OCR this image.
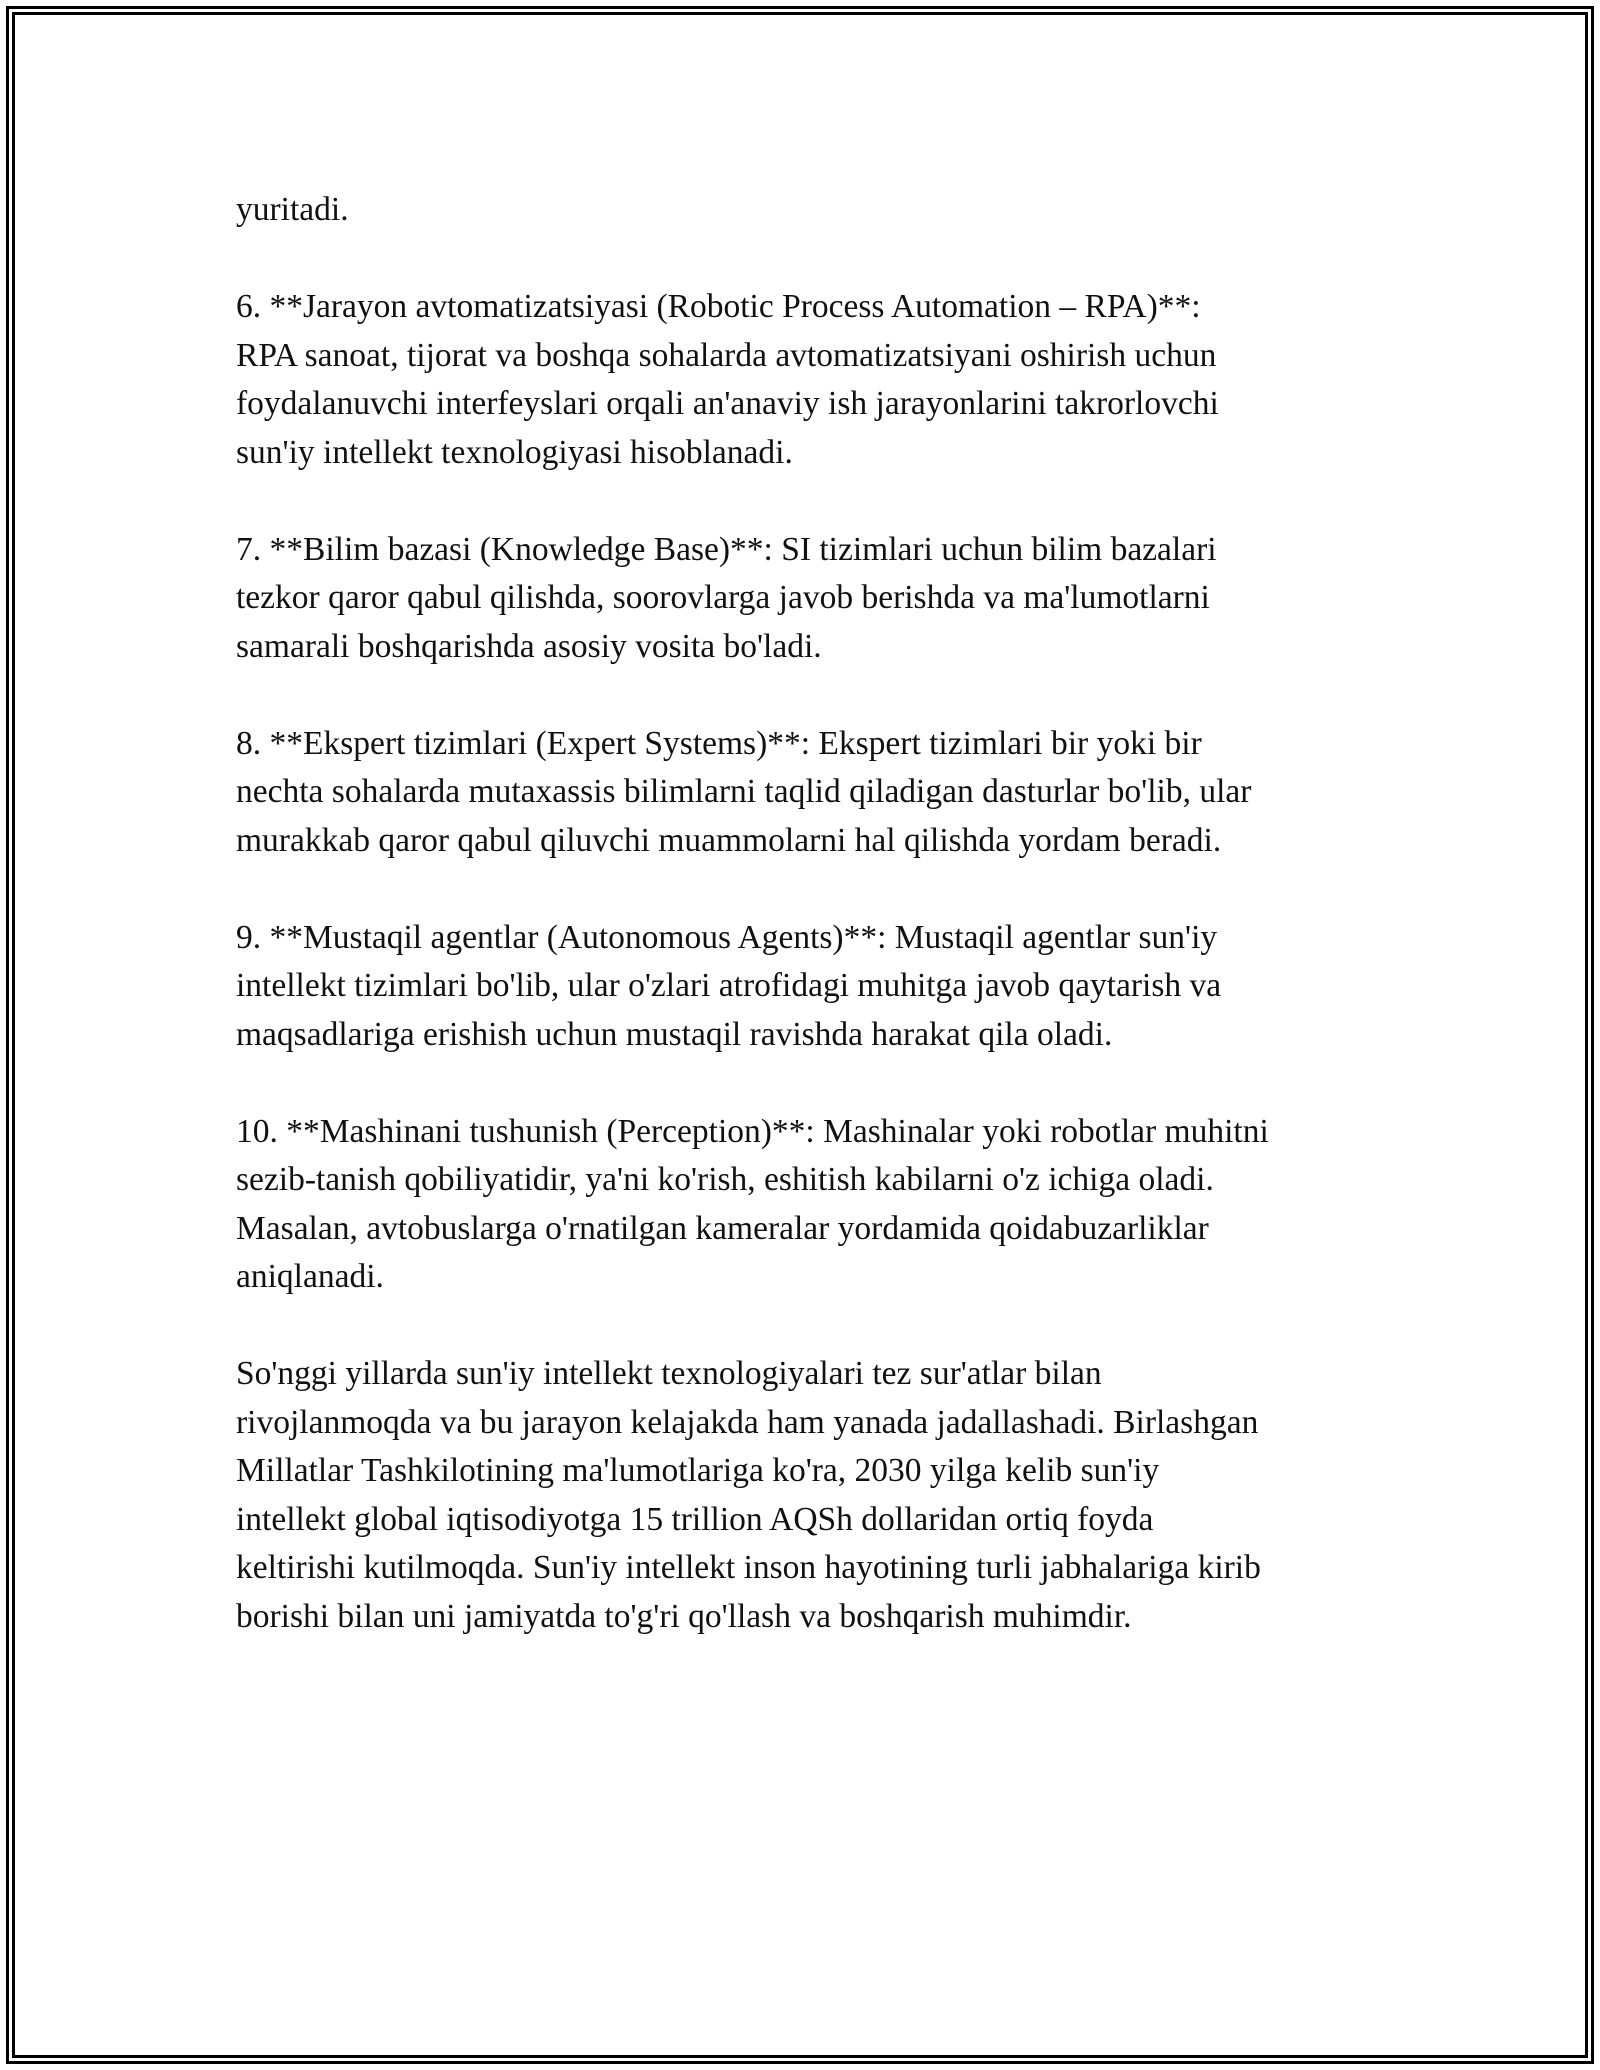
yuritadi.

6. **Jarayon avtomatizatsiyasi (Robotic Process Automation – RPA)**:
RPA sanoat, tijorat va boshqa sohalarda avtomatizatsiyani oshirish uchun
foydalanuvchi interfeyslari orqali an'anaviy ish jarayonlarini takrorlovchi
sun'iy intellekt texnologiyasi hisoblanadi.

7. **Bilim bazasi (Knowledge Base)**: SI tizimlari uchun bilim bazalari
tezkor qaror qabul qilishda, soorovlarga javob berishda va ma'lumotlarni
samarali boshqarishda asosiy vosita bo'ladi.

8. **Ekspert tizimlari (Expert Systems)**: Ekspert tizimlari bir yoki bir
nechta sohalarda mutaxassis bilimlarni taqlid qiladigan dasturlar bo'lib, ular
murakkab qaror qabul qiluvchi muammolarni hal qilishda yordam beradi.

9. **Mustaqil agentlar (Autonomous Agents)**: Mustaqil agentlar sun'iy
intellekt tizimlari bo'lib, ular o'zlari atrofidagi muhitga javob qaytarish va
maqsadlariga erishish uchun mustaqil ravishda harakat qila oladi.

10. **Mashinani tushunish (Perception)**: Mashinalar yoki robotlar muhitni
sezib-tanish qobiliyatidir, ya'ni ko'rish, eshitish kabilarni o'z ichiga oladi.
Masalan, avtobuslarga o'rnatilgan kameralar yordamida qoidabuzarliklar
aniqlanadi.

So'nggi yillarda sun'iy intellekt texnologiyalari tez sur'atlar bilan
rivojlanmoqda va bu jarayon kelajakda ham yanada jadallashadi. Birlashgan
Millatlar Tashkilotining ma'lumotlariga ko'ra, 2030 yilga kelib sun'iy
intellekt global iqtisodiyotga 15 trillion AQSh dollaridan ortiq foyda
keltirishi kutilmoqda. Sun'iy intellekt inson hayotining turli jabhalariga kirib
borishi bilan uni jamiyatda to'g'ri qo'llash va boshqarish muhimdir.
